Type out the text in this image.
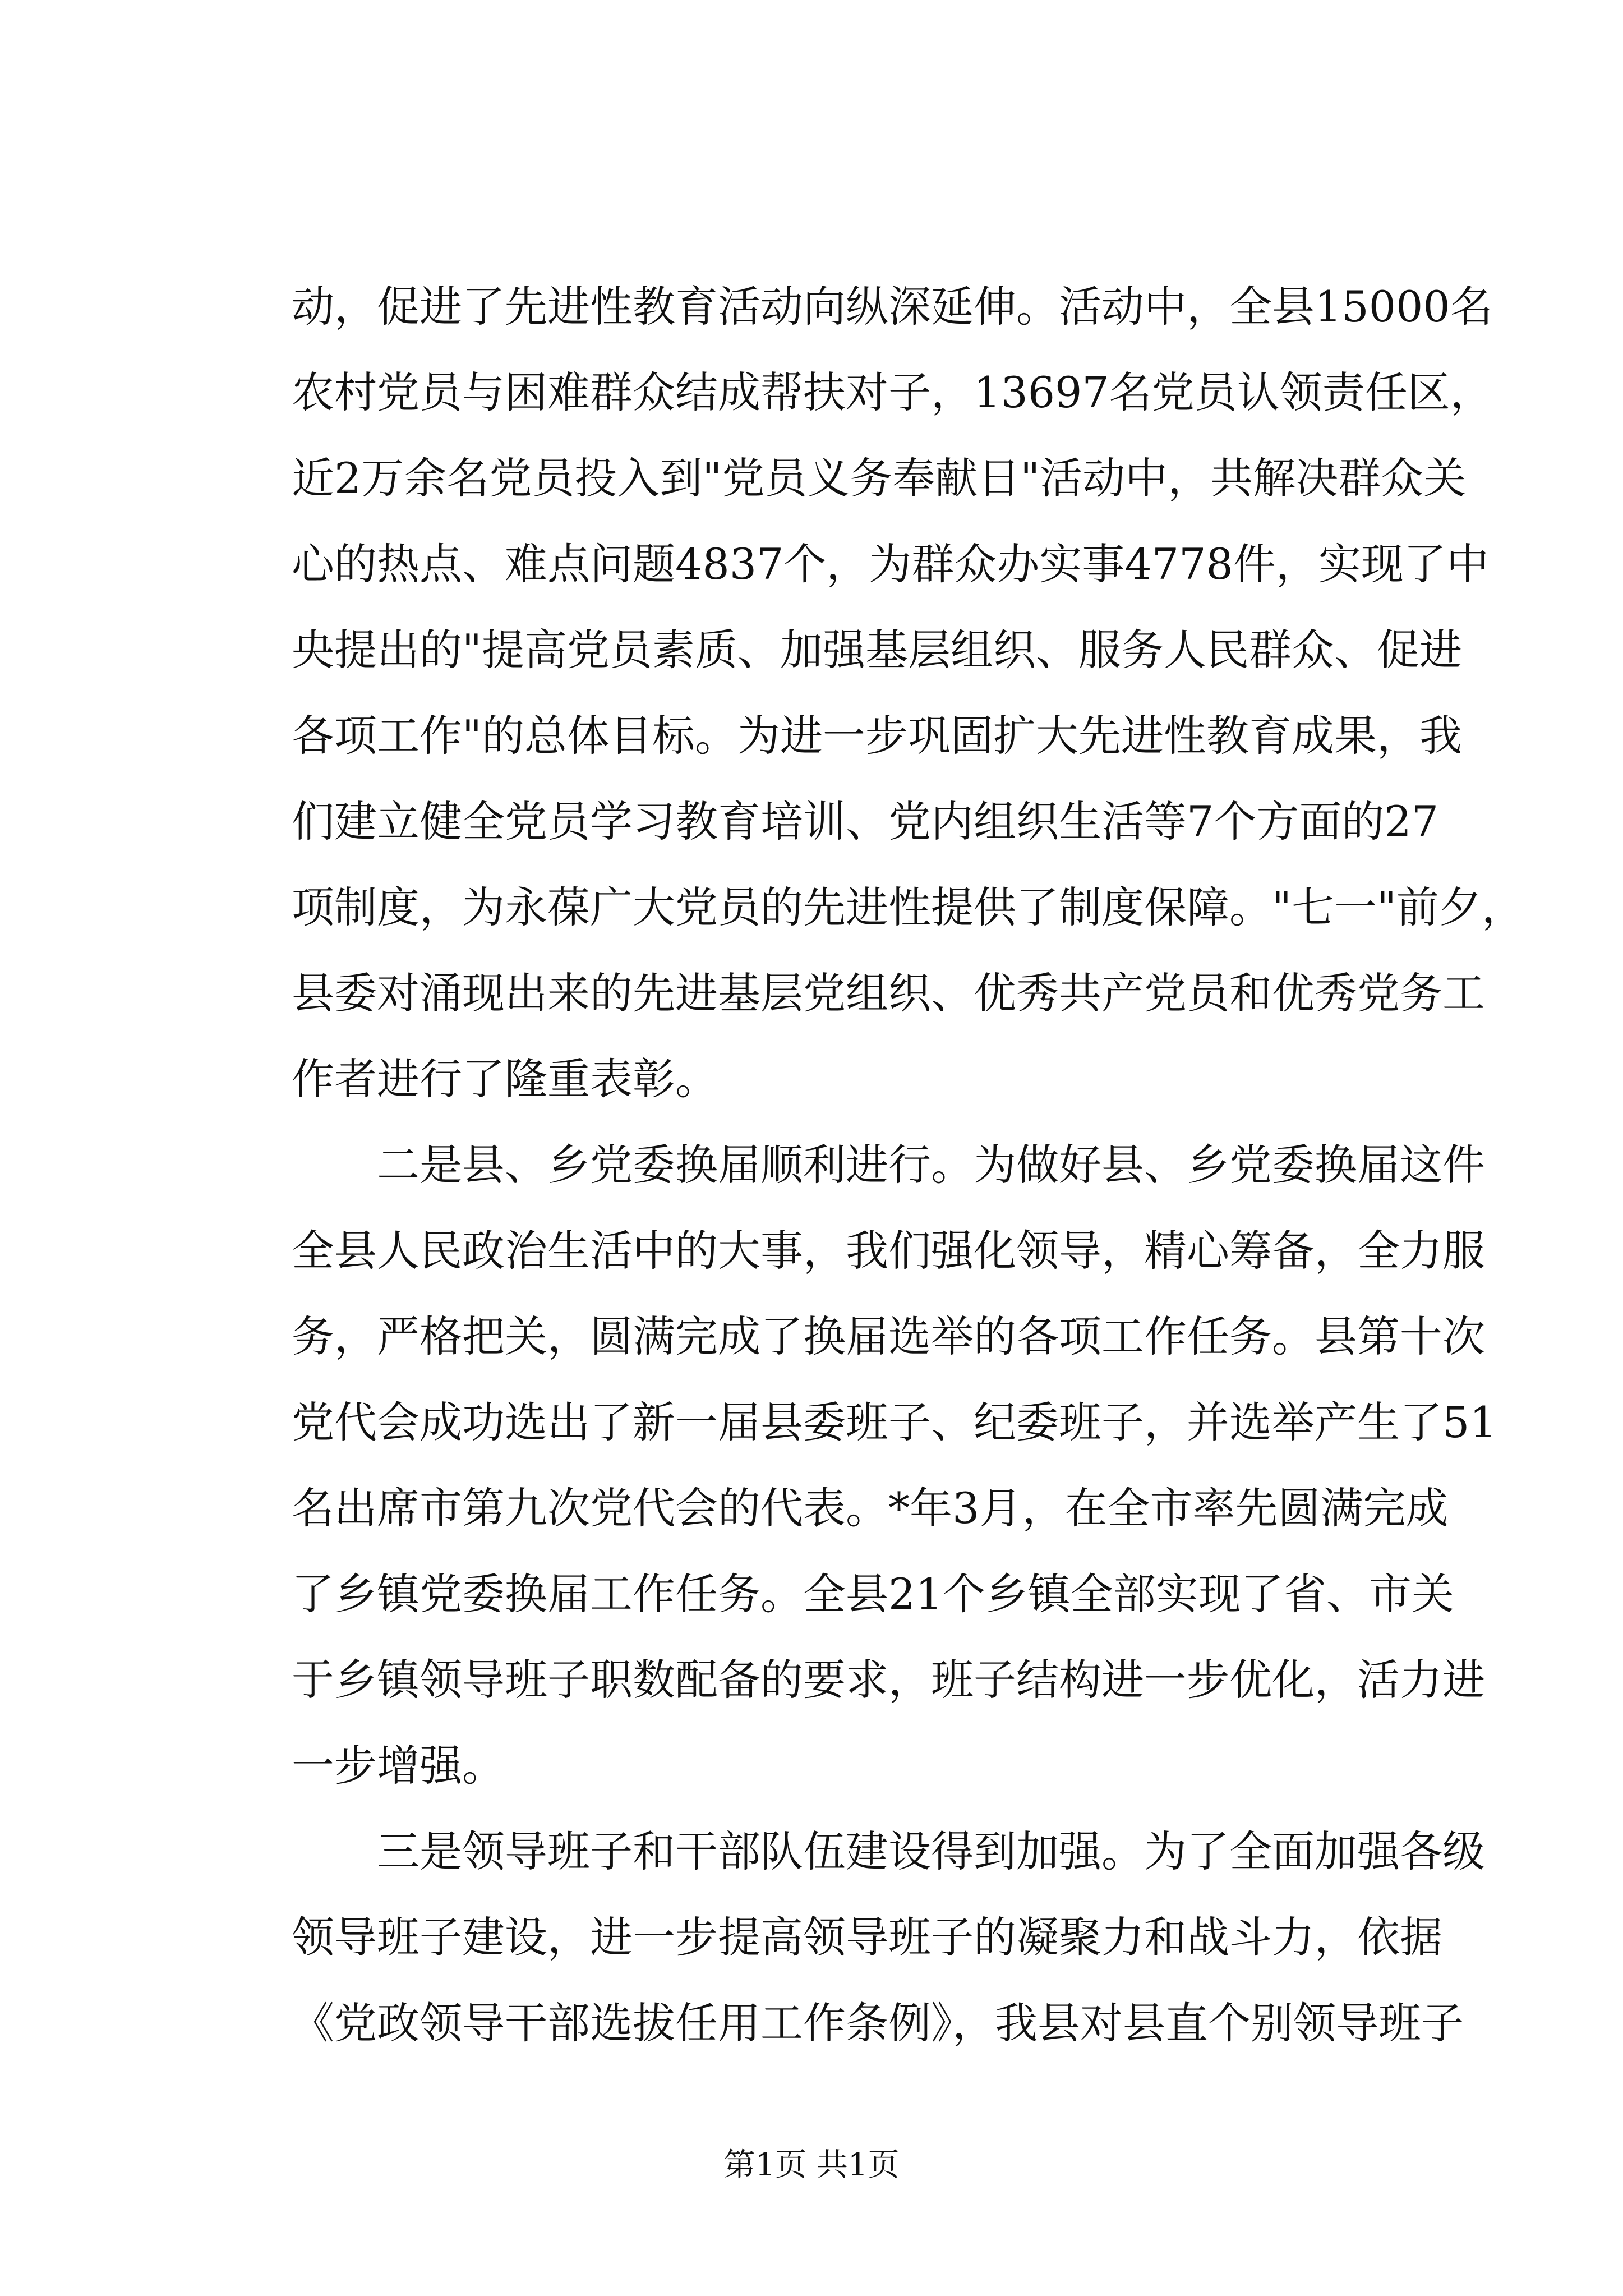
动，促进了先进性教育活动向纵深延伸。活动中，全县15000名
农村党员与困难群众结成帮扶对子，13697名党员认领责任区，
近2万余名党员投入到"党员义务奉献日"活动中，共解决群众关
心的热点、难点问题4837个，为群众办实事4778件，实现了中
央提出的"提高党员素质、加强基层组织、服务人民群众、促进
各项工作"的总体目标。为进一步巩固扩大先进性教育成果，我
们建立健全党员学习教育培训、党内组织生活等7个方面的27
项制度，为永葆广大党员的先进性提供了制度保障。"七一"前夕，
县委对涌现出来的先进基层党组织、优秀共产党员和优秀党务工
作者进行了隆重表彰。
二是县、乡党委换届顺利进行。为做好县、乡党委换届这件
全县人民政治生活中的大事，我们强化领导，精心筹备，全力服
务，严格把关，圆满完成了换届选举的各项工作任务。县第十次
党代会成功选出了新一届县委班子、纪委班子，并选举产生了51
名出席市第九次党代会的代表。*年3月，在全市率先圆满完成
了乡镇党委换届工作任务。全县21个乡镇全部实现了省、市关
于乡镇领导班子职数配备的要求，班子结构进一步优化，活力进
一步增强。
三是领导班子和干部队伍建设得到加强。为了全面加强各级
领导班子建设，进一步提高领导班子的凝聚力和战斗力，依据
《党政领导干部选拔任用工作条例》，我县对县直个别领导班子
第1页 共1页
